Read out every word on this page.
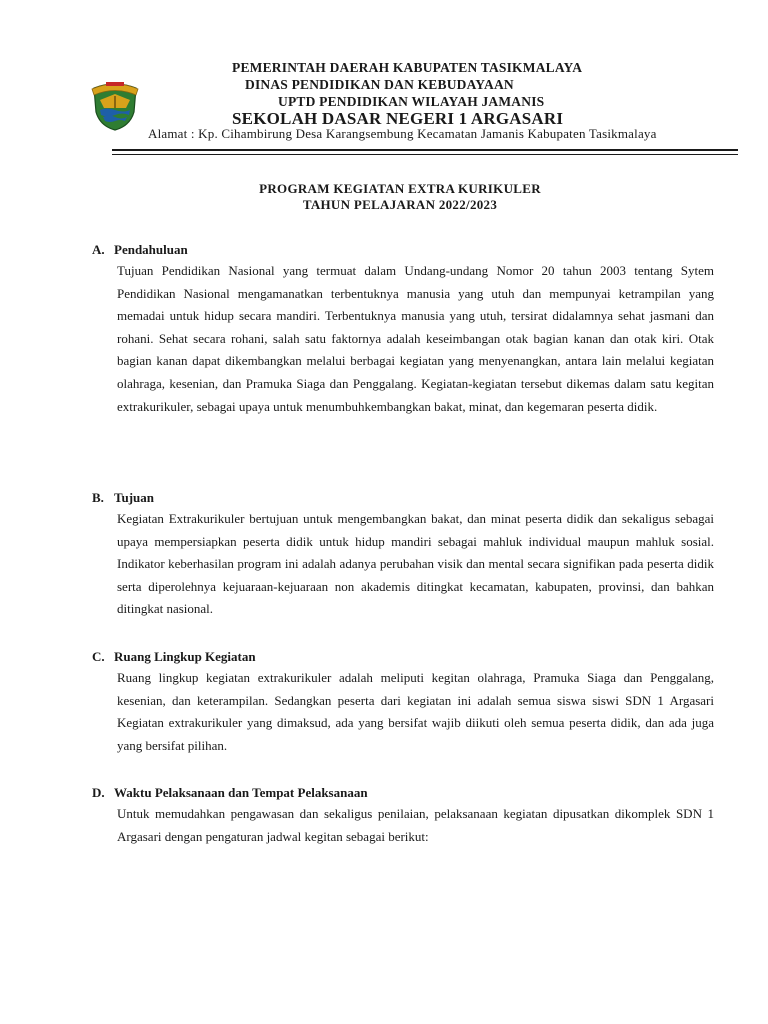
PEMERINTAH DAERAH KABUPATEN TASIKMALAYA
DINAS PENDIDIKAN DAN KEBUDAYAAN
UPTD PENDIDIKAN WILAYAH JAMANIS
SEKOLAH DASAR NEGERI 1 ARGASARI
Alamat : Kp. Cihambirung Desa Karangsembung Kecamatan Jamanis Kabupaten Tasikmalaya
PROGRAM KEGIATAN EXTRA KURIKULER
TAHUN PELAJARAN 2022/2023
A. Pendahuluan
Tujuan Pendidikan Nasional yang termuat dalam Undang-undang Nomor 20 tahun 2003 tentang Sytem Pendidikan Nasional mengamanatkan terbentuknya manusia yang utuh dan mempunyai ketrampilan yang memadai untuk hidup secara mandiri. Terbentuknya manusia yang utuh, tersirat didalamnya sehat jasmani dan rohani. Sehat secara rohani, salah satu faktornya adalah keseimbangan otak bagian kanan dan otak kiri. Otak bagian kanan dapat dikembangkan melalui berbagai kegiatan yang menyenangkan, antara lain melalui kegiatan olahraga, kesenian, dan Pramuka Siaga dan Penggalang. Kegiatan-kegiatan tersebut dikemas dalam satu kegitan extrakurikuler, sebagai upaya untuk menumbuhkembangkan bakat, minat, dan kegemaran peserta didik.
B. Tujuan
Kegiatan Extrakurikuler bertujuan untuk mengembangkan bakat, dan minat peserta didik dan sekaligus sebagai upaya mempersiapkan peserta didik untuk hidup mandiri sebagai mahluk individual maupun mahluk sosial. Indikator keberhasilan program ini adalah adanya perubahan visik dan mental secara signifikan pada peserta didik serta diperolehnya kejuaraan-kejuaraan non akademis ditingkat kecamatan, kabupaten, provinsi, dan bahkan ditingkat nasional.
C. Ruang Lingkup Kegiatan
Ruang lingkup kegiatan extrakurikuler adalah meliputi kegitan olahraga, Pramuka Siaga dan Penggalang, kesenian, dan keterampilan. Sedangkan peserta dari kegiatan ini adalah semua siswa siswi SDN 1 Argasari Kegiatan extrakurikuler yang dimaksud, ada yang bersifat wajib diikuti oleh semua peserta didik, dan ada juga yang bersifat pilihan.
D. Waktu Pelaksanaan dan Tempat Pelaksanaan
Untuk memudahkan pengawasan dan sekaligus penilaian, pelaksanaan kegiatan dipusatkan dikomplek SDN 1 Argasari dengan pengaturan jadwal kegitan sebagai berikut:
